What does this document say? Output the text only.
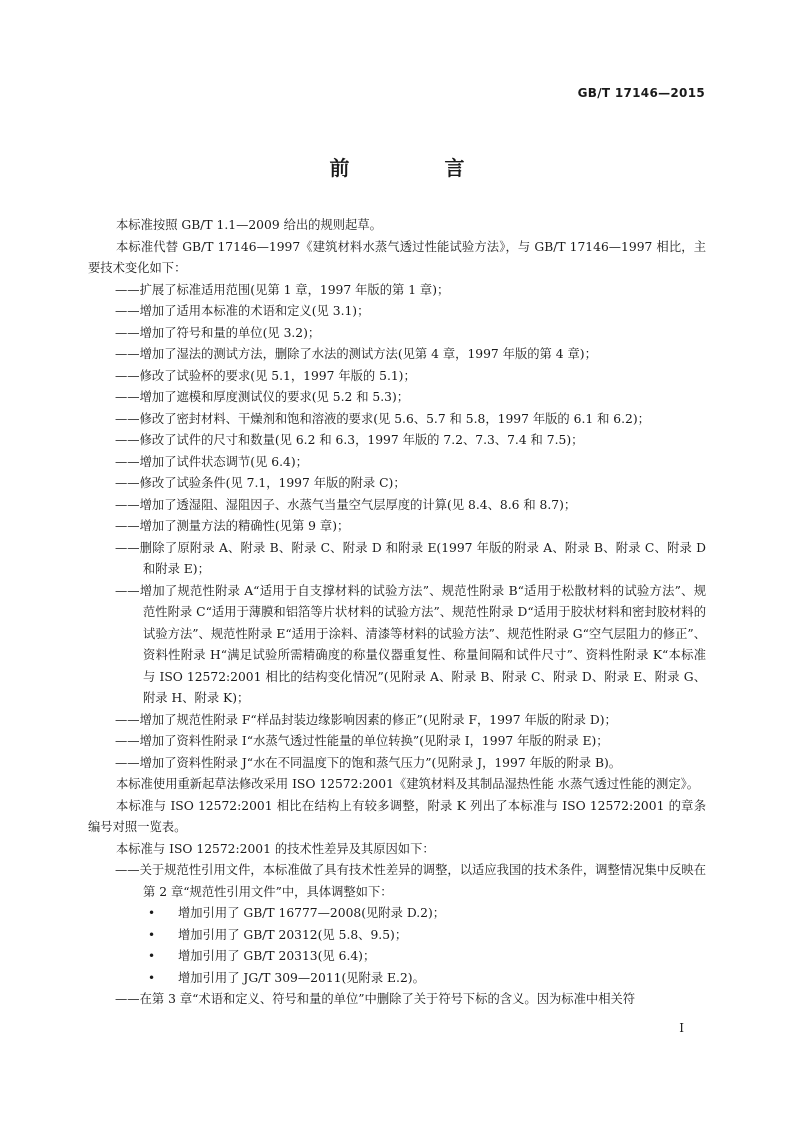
GB/T 17146—2015
前 言

本标准按照 GB/T 1.1—2009 给出的规则起草。

本标准代替 GB/T 17146—1997《建筑材料水蒸气透过性能试验方法》，与 GB/T 17146—1997 相比，主要技术变化如下：

—— 扩展了标准适用范围(见第 1 章，1997 年版的第 1 章)；

—— 增加了适用本标准的术语和定义(见 3.1)；

—— 增加了符号和量的单位(见 3.2)；

—— 增加了湿法的测试方法，删除了水法的测试方法(见第 4 章，1997 年版的第 4 章)；

—— 修改了试验杯的要求(见 5.1，1997 年版的 5.1)；

—— 增加了遮模和厚度测试仪的要求(见 5.2 和 5.3)；

—— 修改了密封材料、干燥剂和饱和溶液的要求(见 5.6、5.7 和 5.8，1997 年版的 6.1 和 6.2)；

—— 修改了试件的尺寸和数量(见 6.2 和 6.3，1997 年版的 7.2、7.3、7.4 和 7.5)；

—— 增加了试件状态调节(见 6.4)；

—— 修改了试验条件(见 7.1，1997 年版的附录 C)；

—— 增加了透湿阻、湿阻因子、水蒸气当量空气层厚度的计算(见 8.4、8.6 和 8.7)；

—— 增加了测量方法的精确性(见第 9 章)；

—— 删除了原附录 A、附录 B、附录 C、附录 D 和附录 E(1997 年版的附录 A、附录 B、附录 C、附录 D 和附录 E)；

—— 增加了规范性附录 A“适用于自支撑材料的试验方法”、规范性附录 B“适用于松散材料的试验方法”、规范性附录 C“适用于薄膜和铝箔等片状材料的试验方法”、规范性附录 D“适用于胶状材料和密封胶材料的试验方法”、规范性附录 E“适用于涂料、清漆等材料的试验方法”、规范性附录 G“空气层阻力的修正”、资料性附录 H“满足试验所需精确度的称量仪器重复性、称量间隔和试件尺寸”、资料性附录 K“本标准与 ISO 12572:2001 相比的结构变化情况”(见附录 A、附录 B、附录 C、附录 D、附录 E、附录 G、附录 H、附录 K)；

—— 增加了规范性附录 F“样品封装边缘影响因素的修正”(见附录 F，1997 年版的附录 D)；

—— 增加了资料性附录 I“水蒸气透过性能量的单位转换”(见附录 I，1997 年版的附录 E)；

—— 增加了资料性附录 J“水在不同温度下的饱和蒸气压力”(见附录 J，1997 年版的附录 B)。

本标准使用重新起草法修改采用 ISO 12572:2001《建筑材料及其制品湿热性能 水蒸气透过性能的测定》。

本标准与 ISO 12572:2001 相比在结构上有较多调整，附录 K 列出了本标准与 ISO 12572:2001 的章条编号对照一览表。

本标准与 ISO 12572:2001 的技术性差异及其原因如下：

—— 关于规范性引用文件，本标准做了具有技术性差异的调整，以适应我国的技术条件，调整情况集中反映在第 2 章“规范性引用文件”中，具体调整如下：

• 增加引用了 GB/T 16777—2008(见附录 D.2)；

• 增加引用了 GB/T 20312(见 5.8、9.5)；

• 增加引用了 GB/T 20313(见 6.4)；

• 增加引用了 JG/T 309—2011(见附录 E.2)。

—— 在第 3 章“术语和定义、符号和量的单位”中删除了关于符号下标的含义。因为标准中相关符

I
